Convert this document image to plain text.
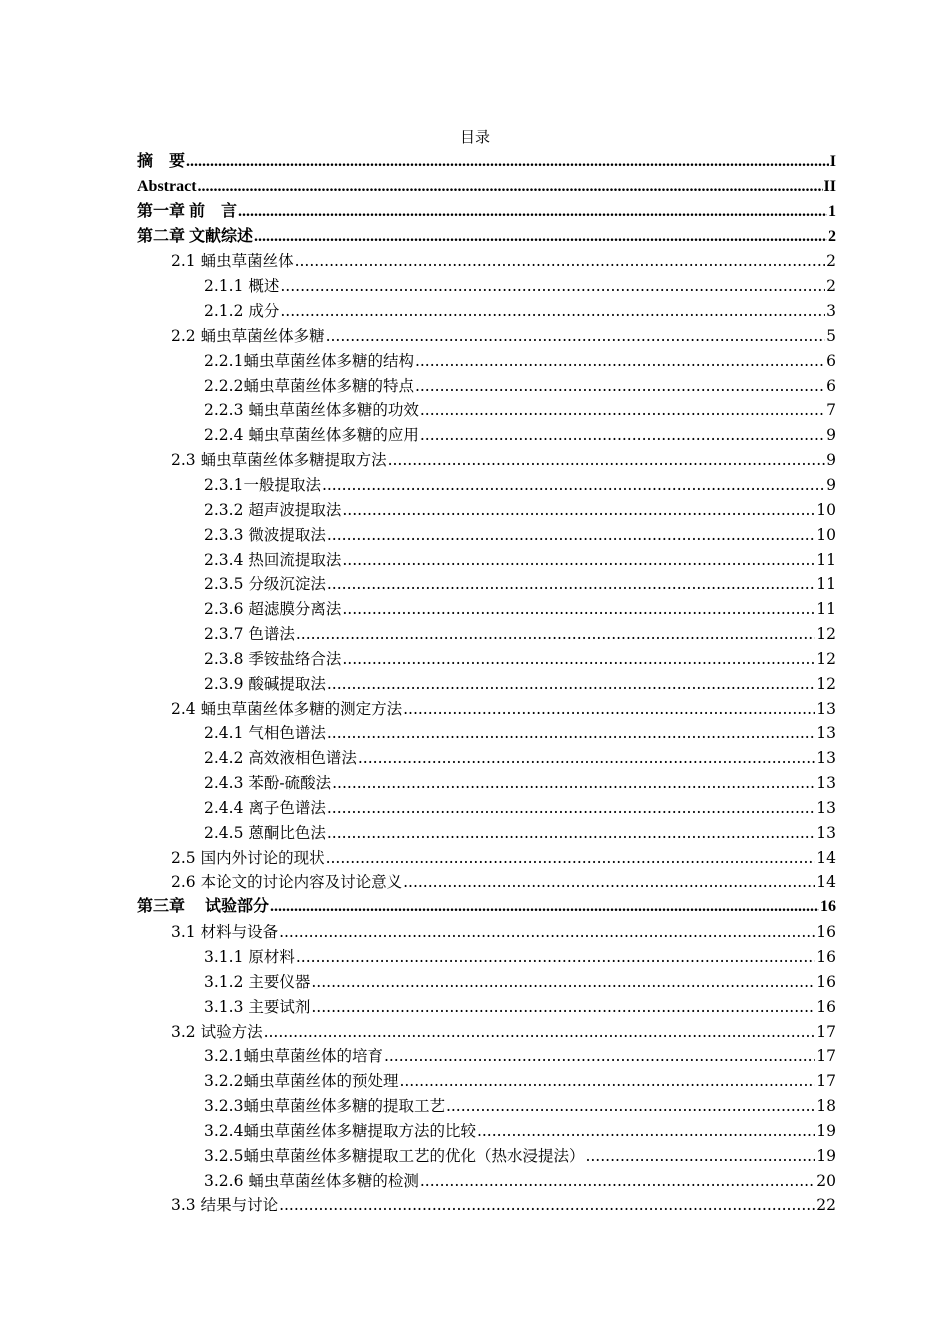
目录
摘　要 .....	I
Abstract .....	II
第一章 前　言 .....	1
第二章 文献综述 .....	2
2.1 蛹虫草菌丝体 .....	2
2.1.1 概述 .....	2
2.1.2 成分 .....	3
2.2 蛹虫草菌丝体多糖 .....	5
2.2.1蛹虫草菌丝体多糖的结构 .....	6
2.2.2蛹虫草菌丝体多糖的特点 .....	6
2.2.3 蛹虫草菌丝体多糖的功效 .....	7
2.2.4 蛹虫草菌丝体多糖的应用 .....	9
2.3 蛹虫草菌丝体多糖提取方法 .....	9
2.3.1一般提取法 .....	9
2.3.2 超声波提取法 .....	10
2.3.3 微波提取法 .....	10
2.3.4 热回流提取法 .....	11
2.3.5 分级沉淀法 .....	11
2.3.6 超滤膜分离法 .....	11
2.3.7 色谱法 .....	12
2.3.8 季铵盐络合法 .....	12
2.3.9 酸碱提取法 .....	12
2.4 蛹虫草菌丝体多糖的测定方法 .....	13
2.4.1 气相色谱法 .....	13
2.4.2 高效液相色谱法 .....	13
2.4.3 苯酚-硫酸法 .....	13
2.4.4 离子色谱法 .....	13
2.4.5 蒽酮比色法 .....	13
2.5 国内外讨论的现状 .....	14
2.6 本论文的讨论内容及讨论意义 .....	14
第三章　 试验部分 .....	16
3.1 材料与设备 .....	16
3.1.1 原材料 .....	16
3.1.2 主要仪器 .....	16
3.1.3 主要试剂 .....	16
3.2 试验方法 .....	17
3.2.1蛹虫草菌丝体的培育 .....	17
3.2.2蛹虫草菌丝体的预处理 .....	17
3.2.3蛹虫草菌丝体多糖的提取工艺 .....	18
3.2.4蛹虫草菌丝体多糖提取方法的比较 .....	19
3.2.5蛹虫草菌丝体多糖提取工艺的优化（热水浸提法） .....	19
3.2.6 蛹虫草菌丝体多糖的检测 .....	20
3.3 结果与讨论 .....	22
